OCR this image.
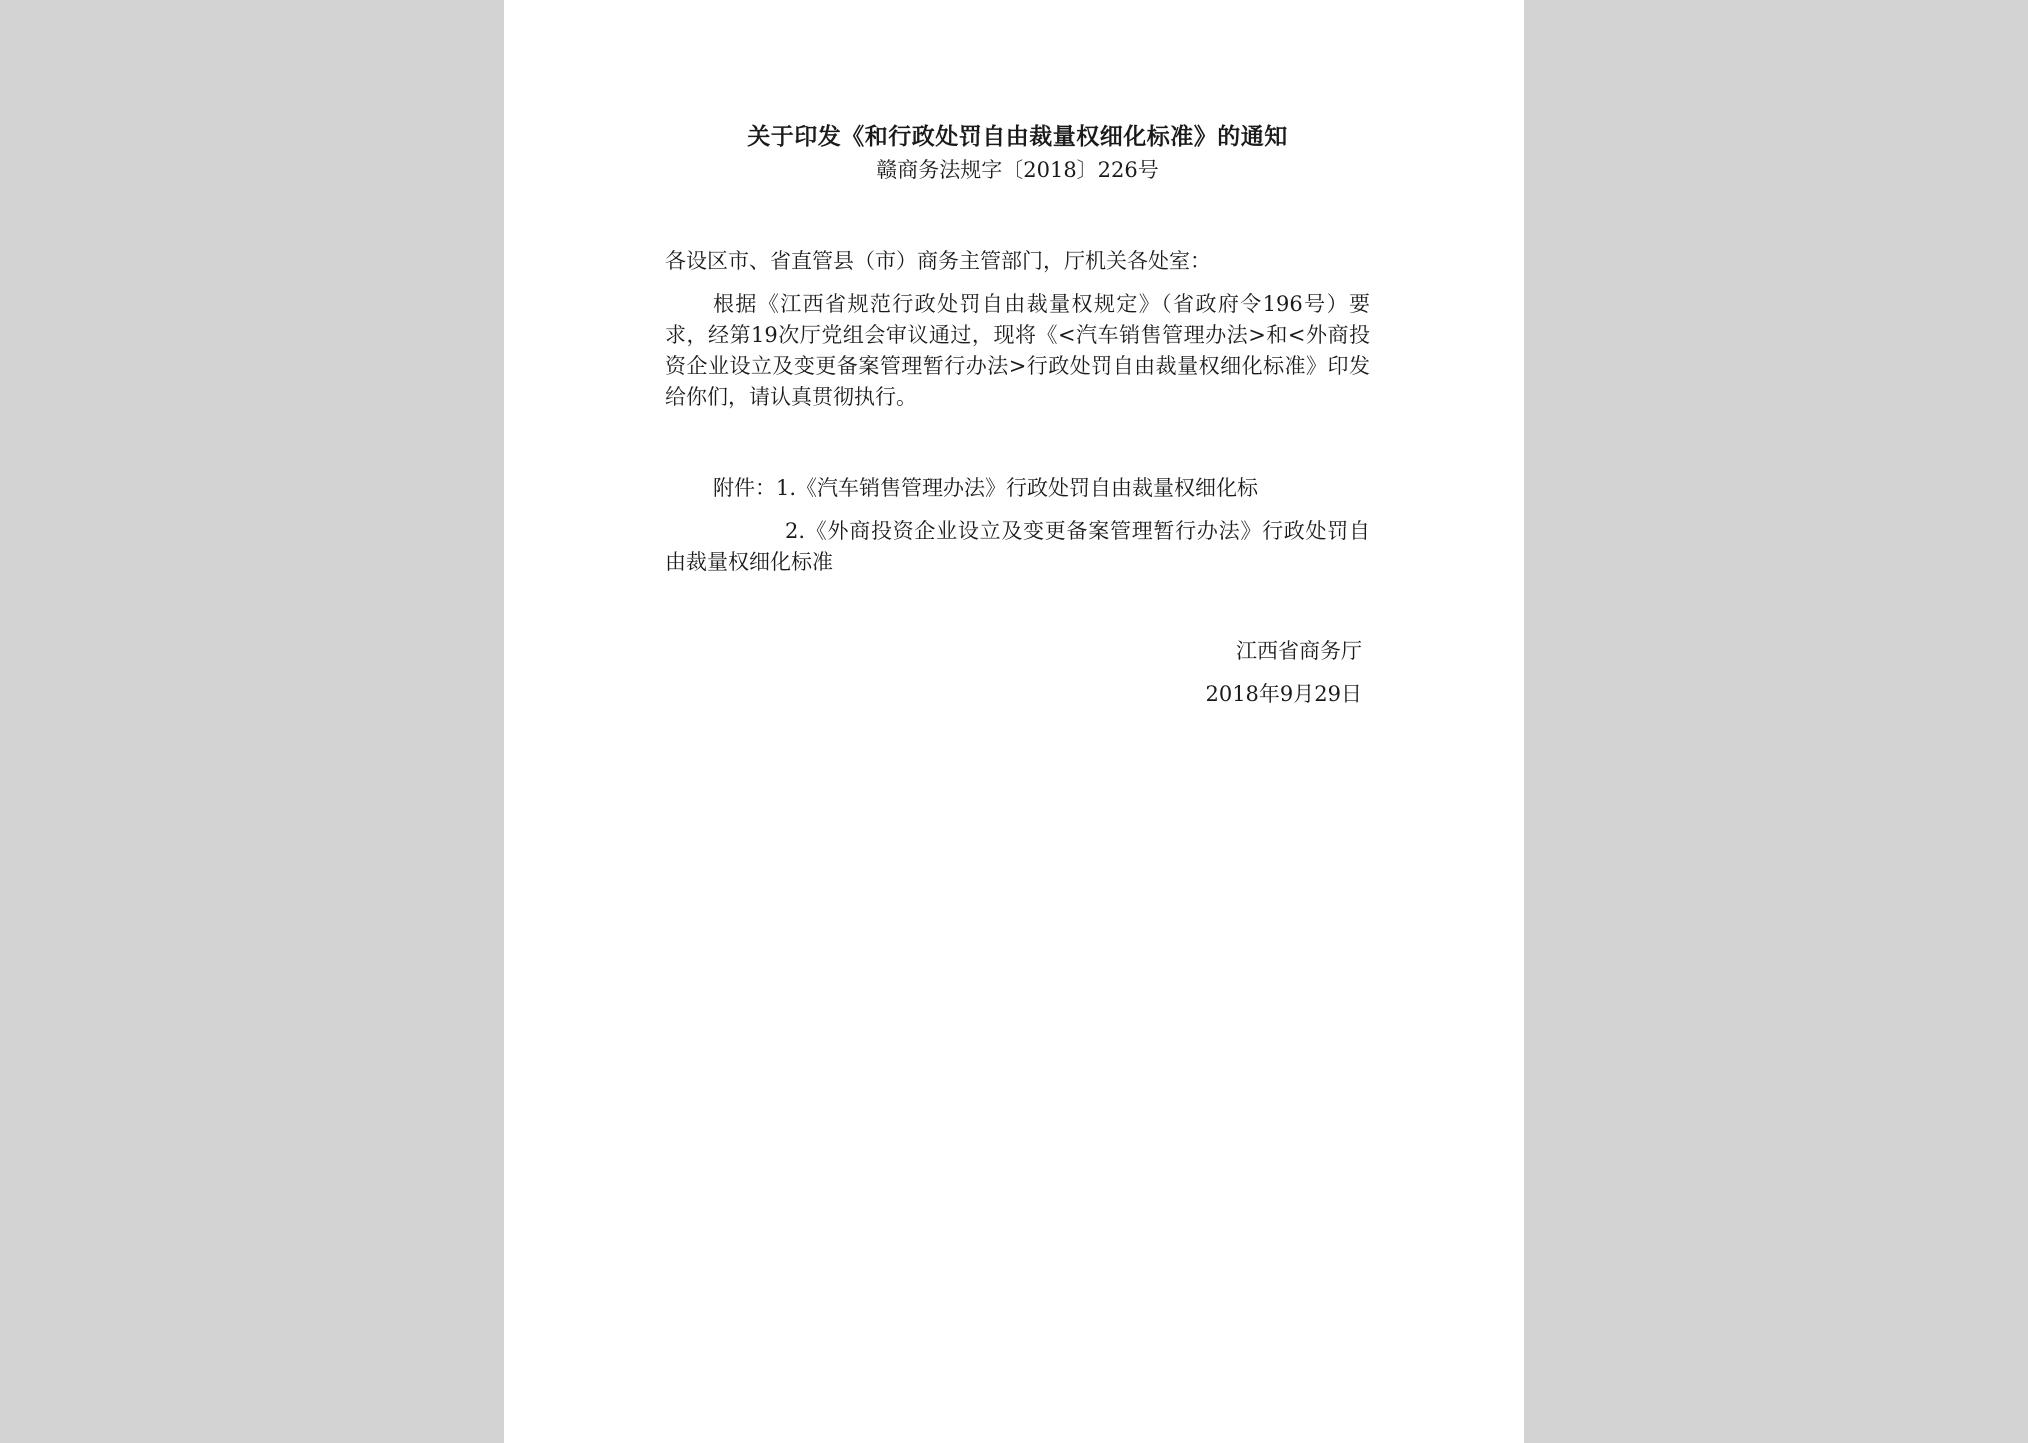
关于印发《和行政处罚自由裁量权细化标准》的通知

赣商务法规字〔2018〕226号

各设区市、省直管县（市）商务主管部门，厅机关各处室：

根据《江西省规范行政处罚自由裁量权规定》（省政府令196号）要求，经第19次厅党组会审议通过，现将《<汽车销售管理办法>和<外商投资企业设立及变更备案管理暂行办法>行政处罚自由裁量权细化标准》印发给你们，请认真贯彻执行。

附件：1.《汽车销售管理办法》行政处罚自由裁量权细化标

2.《外商投资企业设立及变更备案管理暂行办法》行政处罚自由裁量权细化标准

江西省商务厅

2018年9月29日
